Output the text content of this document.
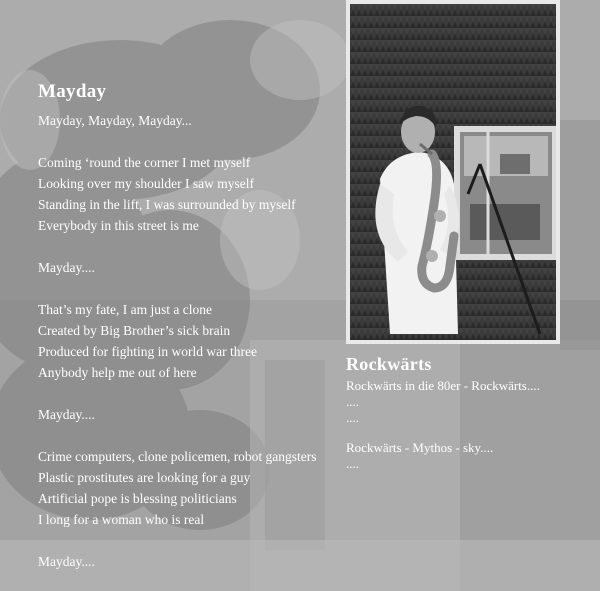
Mayday
Mayday, Mayday, Mayday...
Coming ‘round the corner I met myself
Looking over my shoulder I saw myself
Standing in the lift, I was surrounded by myself
Everybody in this street is me
Mayday....
That’s my fate, I am just a clone
Created by Big Brother’s sick brain
Produced for fighting in world war three
Anybody help me out of here
Mayday....
Crime computers, clone policemen, robot gangsters
Plastic prostitutes are looking for a guy
Artificial pope is blessing politicians
I long for a woman who is real
Mayday....
Rockwärts
Rockwärts in die 80er - Rockwärts....
....
....
Rockwärts - Mythos - sky....
....
